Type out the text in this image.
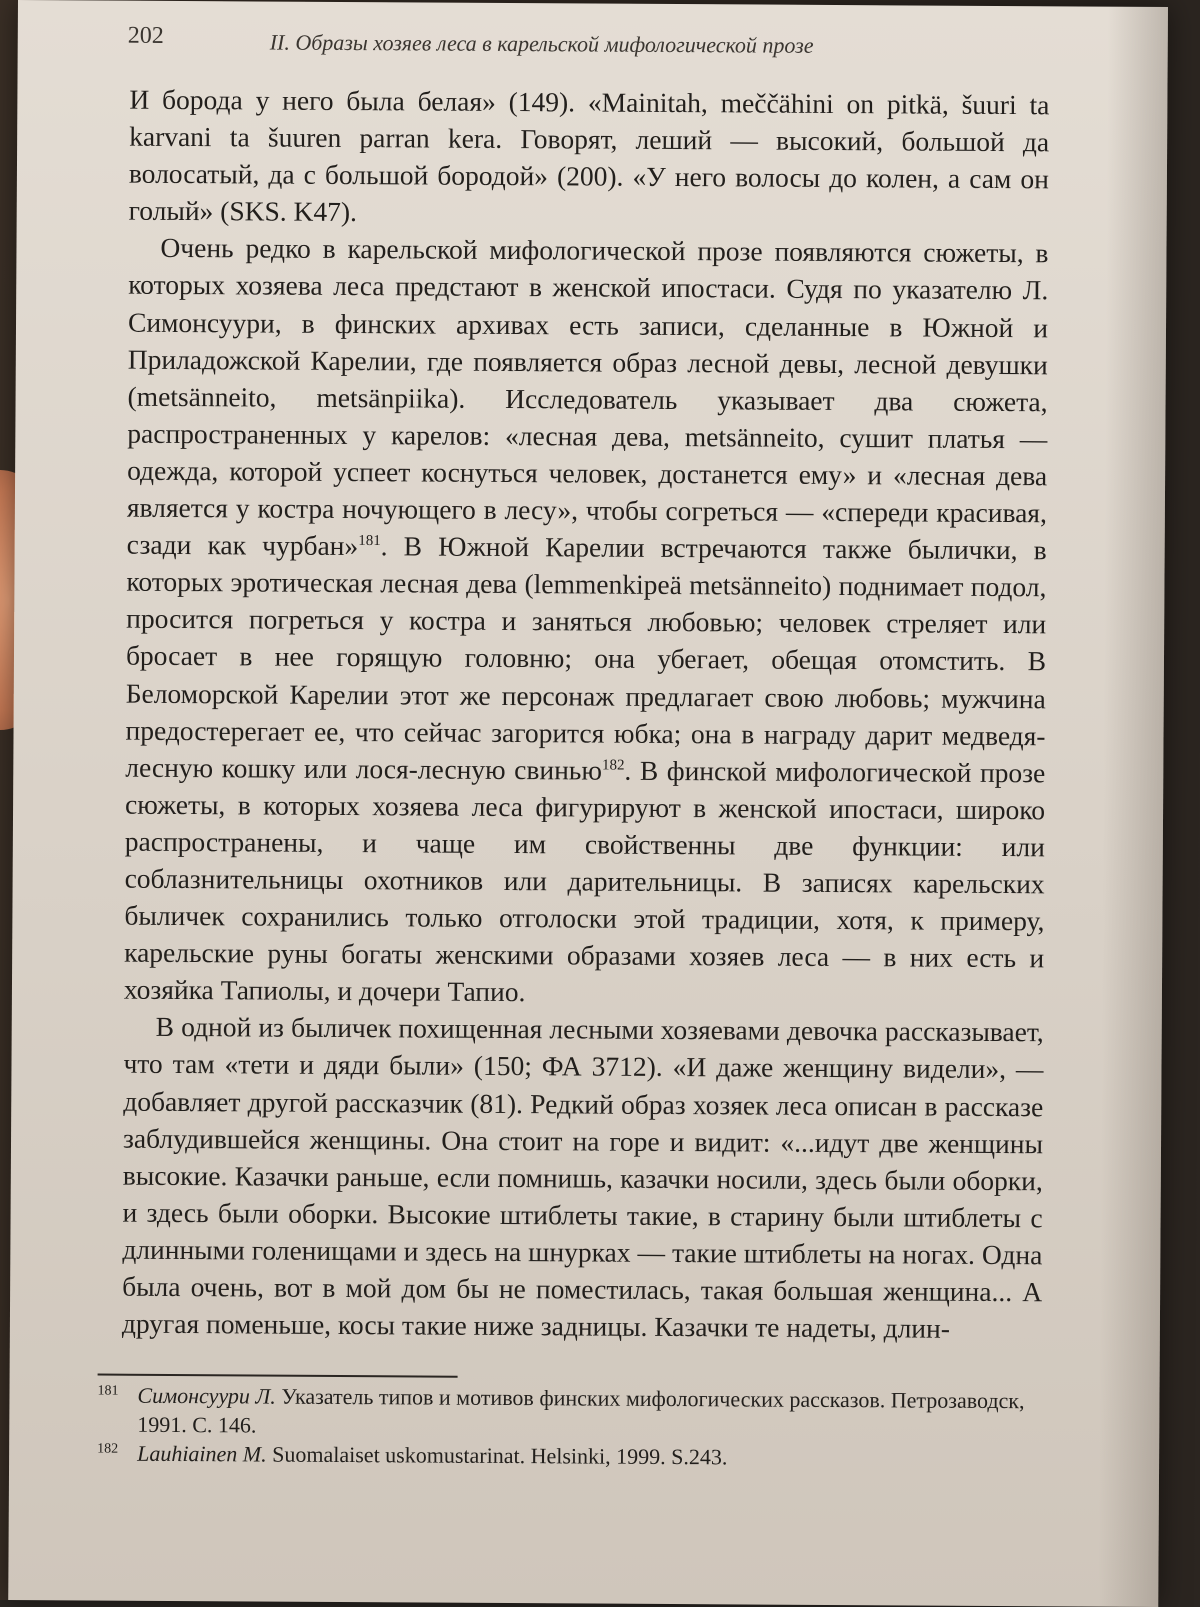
202	II. Образы хозяев леса в карельской мифологической прозе

И борода у него была белая» (149). «Mainitah, meččähini on pitkä, šuuri ta karvani ta šuuren parran kera. Говорят, леший — высокий, большой да волосатый, да с большой бородой» (200). «У него волосы до колен, а сам он голый» (SKS. K47).

Очень редко в карельской мифологической прозе появляются сюжеты, в которых хозяева леса предстают в женской ипостаси. Судя по указателю Л. Симонсуури, в финских архивах есть записи, сделанные в Южной и Приладожской Карелии, где появляется образ лесной девы, лесной девушки (metsänneito, metsänpiika). Исследователь указывает два сюжета, распространенных у карелов: «лесная дева, metsänneito, сушит платья — одежда, которой успеет коснуться человек, достанется ему» и «лесная дева является у костра ночующего в лесу», чтобы согреться — «спереди красивая, сзади как чурбан»$^{181}$. В Южной Карелии встречаются также былички, в которых эротическая лесная дева (lemmenkipeä metsänneito) поднимает подол, просится погреться у костра и заняться любовью; человек стреляет или бросает в нее горящую головню; она убегает, обещая отомстить. В Беломорской Карелии этот же персонаж предлагает свою любовь; мужчина предостерегает ее, что сейчас загорится юбка; она в награду дарит медведя-лесную кошку или лося-лесную свинью$^{182}$. В финской мифологической прозе сюжеты, в которых хозяева леса фигурируют в женской ипостаси, широко распространены, и чаще им свойственны две функции: или соблазнительницы охотников или дарительницы. В записях карельских быличек сохранились только отголоски этой традиции, хотя, к примеру, карельские руны богаты женскими образами хозяев леса — в них есть и хозяйка Тапиолы, и дочери Тапио.

В одной из быличек похищенная лесными хозяевами девочка рассказывает, что там «тети и дяди были» (150; ФА 3712). «И даже женщину видели», — добавляет другой рассказчик (81). Редкий образ хозяек леса описан в рассказе заблудившейся женщины. Она стоит на горе и видит: «...идут две женщины высокие. Казачки раньше, если помнишь, казачки носили, здесь были оборки, и здесь были оборки. Высокие штиблеты такие, в старину были штиблеты с длинными голенищами и здесь на шнурках — такие штиблеты на ногах. Одна была очень, вот в мой дом бы не поместилась, такая большая женщина... А другая поменьше, косы такие ниже задницы. Казачки те надеты, длин-

181 Симонсуури Л. Указатель типов и мотивов финских мифологических рассказов. Петрозаводск, 1991. С. 146.

182 Lauhiainen M. Suomalaiset uskomustarinat. Helsinki, 1999. S.243.
